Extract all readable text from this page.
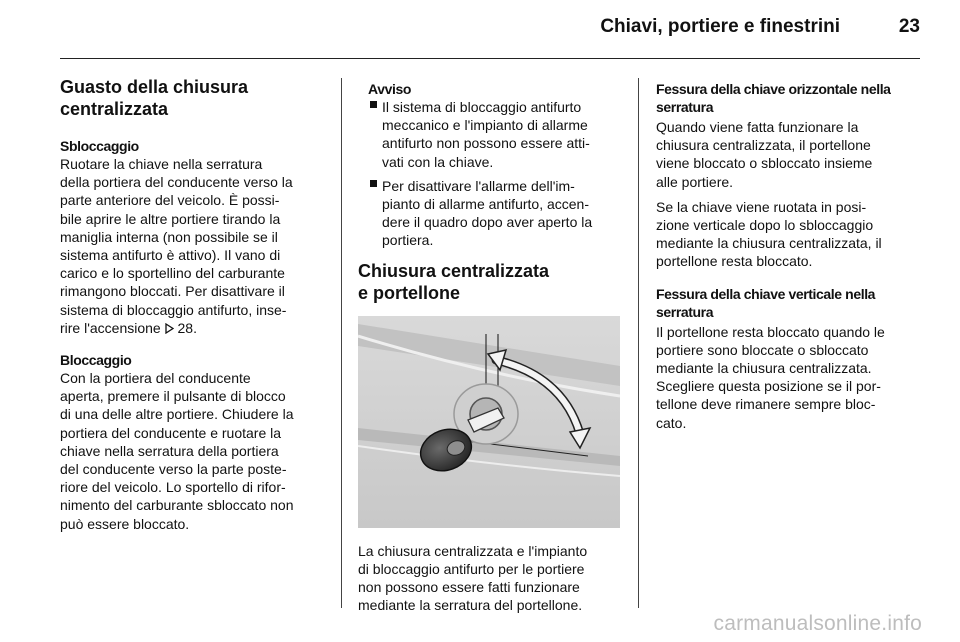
Chiavi, portiere e finestrini	23
Guasto della chiusura
centralizzata
Sbloccaggio
Ruotare la chiave nella serratura
della portiera del conducente verso la
parte anteriore del veicolo. È possi-
bile aprire le altre portiere tirando la
maniglia interna (non possibile se il
sistema antifurto è attivo). Il vano di
carico e lo sportellino del carburante
rimangono bloccati. Per disattivare il
sistema di bloccaggio antifurto, inse-
rire l'accensione 28.
Bloccaggio
Con la portiera del conducente
aperta, premere il pulsante di blocco
di una delle altre portiere. Chiudere la
portiera del conducente e ruotare la
chiave nella serratura della portiera
del conducente verso la parte poste-
riore del veicolo. Lo sportello di rifor-
nimento del carburante sbloccato non
può essere bloccato.
Avviso
Il sistema di bloccaggio antifurto
meccanico e l'impianto di allarme
antifurto non possono essere atti-
vati con la chiave.
Per disattivare l'allarme dell'im-
pianto di allarme antifurto, accen-
dere il quadro dopo aver aperto la
portiera.
Chiusura centralizzata
e portellone
La chiusura centralizzata e l'impianto
di bloccaggio antifurto per le portiere
non possono essere fatti funzionare
mediante la serratura del portellone.
Fessura della chiave orizzontale nella
serratura
Quando viene fatta funzionare la
chiusura centralizzata, il portellone
viene bloccato o sbloccato insieme
alle portiere.
Se la chiave viene ruotata in posi-
zione verticale dopo lo sbloccaggio
mediante la chiusura centralizzata, il
portellone resta bloccato.
Fessura della chiave verticale nella
serratura
Il portellone resta bloccato quando le
portiere sono bloccate o sbloccato
mediante la chiusura centralizzata.
Scegliere questa posizione se il por-
tellone deve rimanere sempre bloc-
cato.
carmanualsonline.info
